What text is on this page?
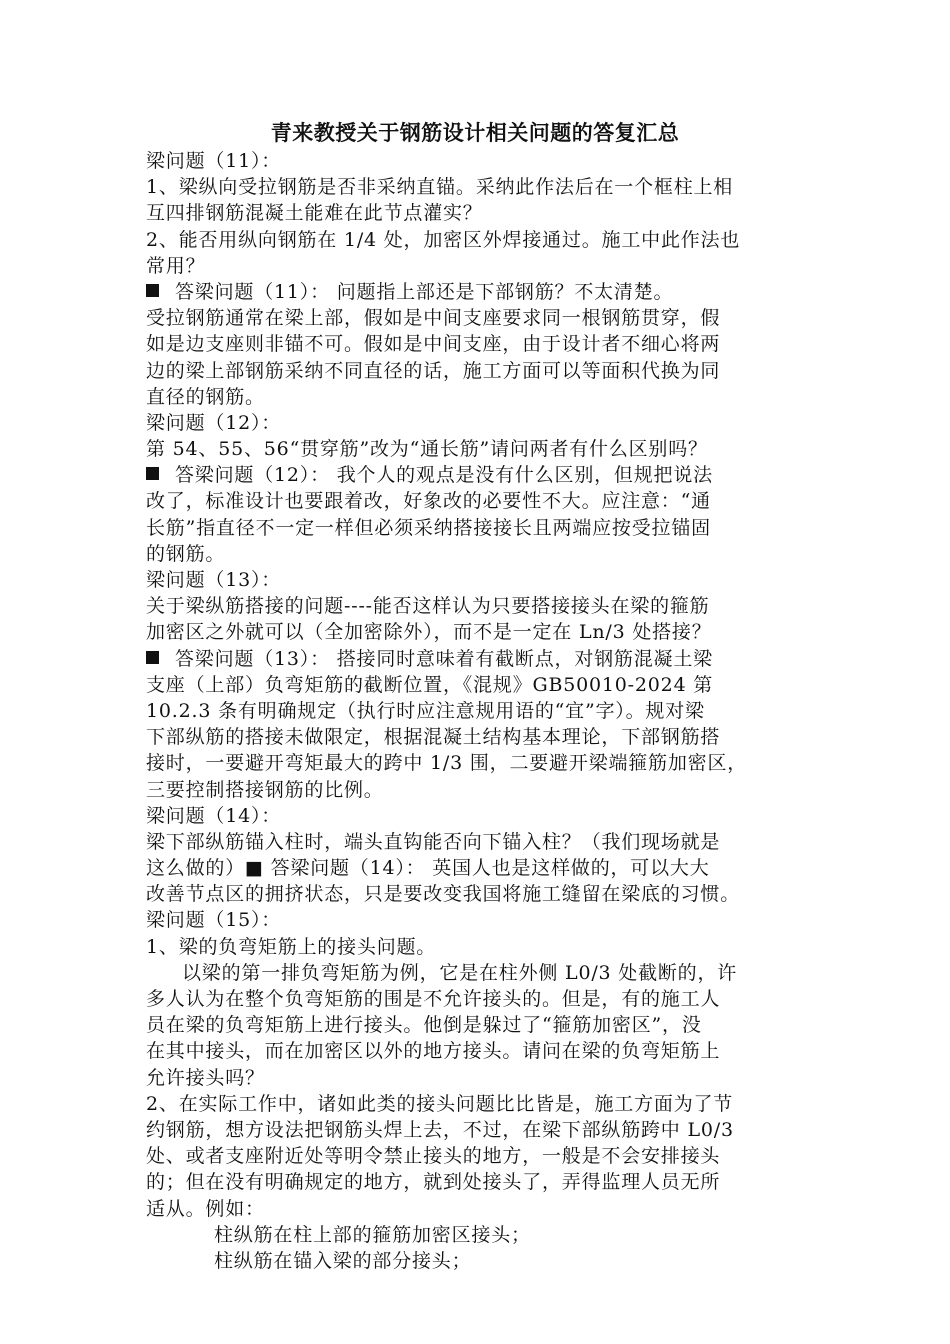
青来教授关于钢筋设计相关问题的答复汇总
梁问题（11）：
1、梁纵向受拉钢筋是否非采纳直锚。采纳此作法后在一个框柱上相
互四排钢筋混凝土能难在此节点灌实？
2、能否用纵向钢筋在 1/4 处，加密区外焊接通过。施工中此作法也
常用？
答梁问题（11）： 问题指上部还是下部钢筋？不太清楚。
受拉钢筋通常在梁上部，假如是中间支座要求同一根钢筋贯穿，假
如是边支座则非锚不可。假如是中间支座，由于设计者不细心将两
边的梁上部钢筋采纳不同直径的话，施工方面可以等面积代换为同
直径的钢筋。
梁问题（12）：
第 54、55、56“贯穿筋”改为“通长筋”请问两者有什么区别吗？
答梁问题（12）： 我个人的观点是没有什么区别，但规把说法
改了，标准设计也要跟着改，好象改的必要性不大。应注意：“通
长筋”指直径不一定一样但必须采纳搭接接长且两端应按受拉锚固
的钢筋。
梁问题（13）：
关于梁纵筋搭接的问题----能否这样认为只要搭接接头在梁的箍筋
加密区之外就可以（全加密除外），而不是一定在 Ln/3 处搭接？
答梁问题（13）： 搭接同时意味着有截断点，对钢筋混凝土梁
支座（上部）负弯矩筋的截断位置，《混规》GB50010-2024 第
10.2.3 条有明确规定（执行时应注意规用语的“宜”字）。规对梁
下部纵筋的搭接未做限定，根据混凝土结构基本理论，下部钢筋搭
接时，一要避开弯矩最大的跨中 1/3 围，二要避开梁端箍筋加密区，
三要控制搭接钢筋的比例。
梁问题（14）：
梁下部纵筋锚入柱时，端头直钩能否向下锚入柱？（我们现场就是
这么做的）■ 答梁问题（14）： 英国人也是这样做的，可以大大
改善节点区的拥挤状态，只是要改变我国将施工缝留在梁底的习惯。
梁问题（15）：
1、梁的负弯矩筋上的接头问题。
以梁的第一排负弯矩筋为例，它是在柱外侧 L0/3 处截断的，许
多人认为在整个负弯矩筋的围是不允许接头的。但是，有的施工人
员在梁的负弯矩筋上进行接头。他倒是躲过了“箍筋加密区”，没
在其中接头，而在加密区以外的地方接头。请问在梁的负弯矩筋上
允许接头吗？
2、在实际工作中，诸如此类的接头问题比比皆是，施工方面为了节
约钢筋，想方设法把钢筋头焊上去，不过，在梁下部纵筋跨中 L0/3
处、或者支座附近处等明令禁止接头的地方，一般是不会安排接头
的；但在没有明确规定的地方，就到处接头了，弄得监理人员无所
适从。例如：
柱纵筋在柱上部的箍筋加密区接头；
柱纵筋在锚入梁的部分接头；
